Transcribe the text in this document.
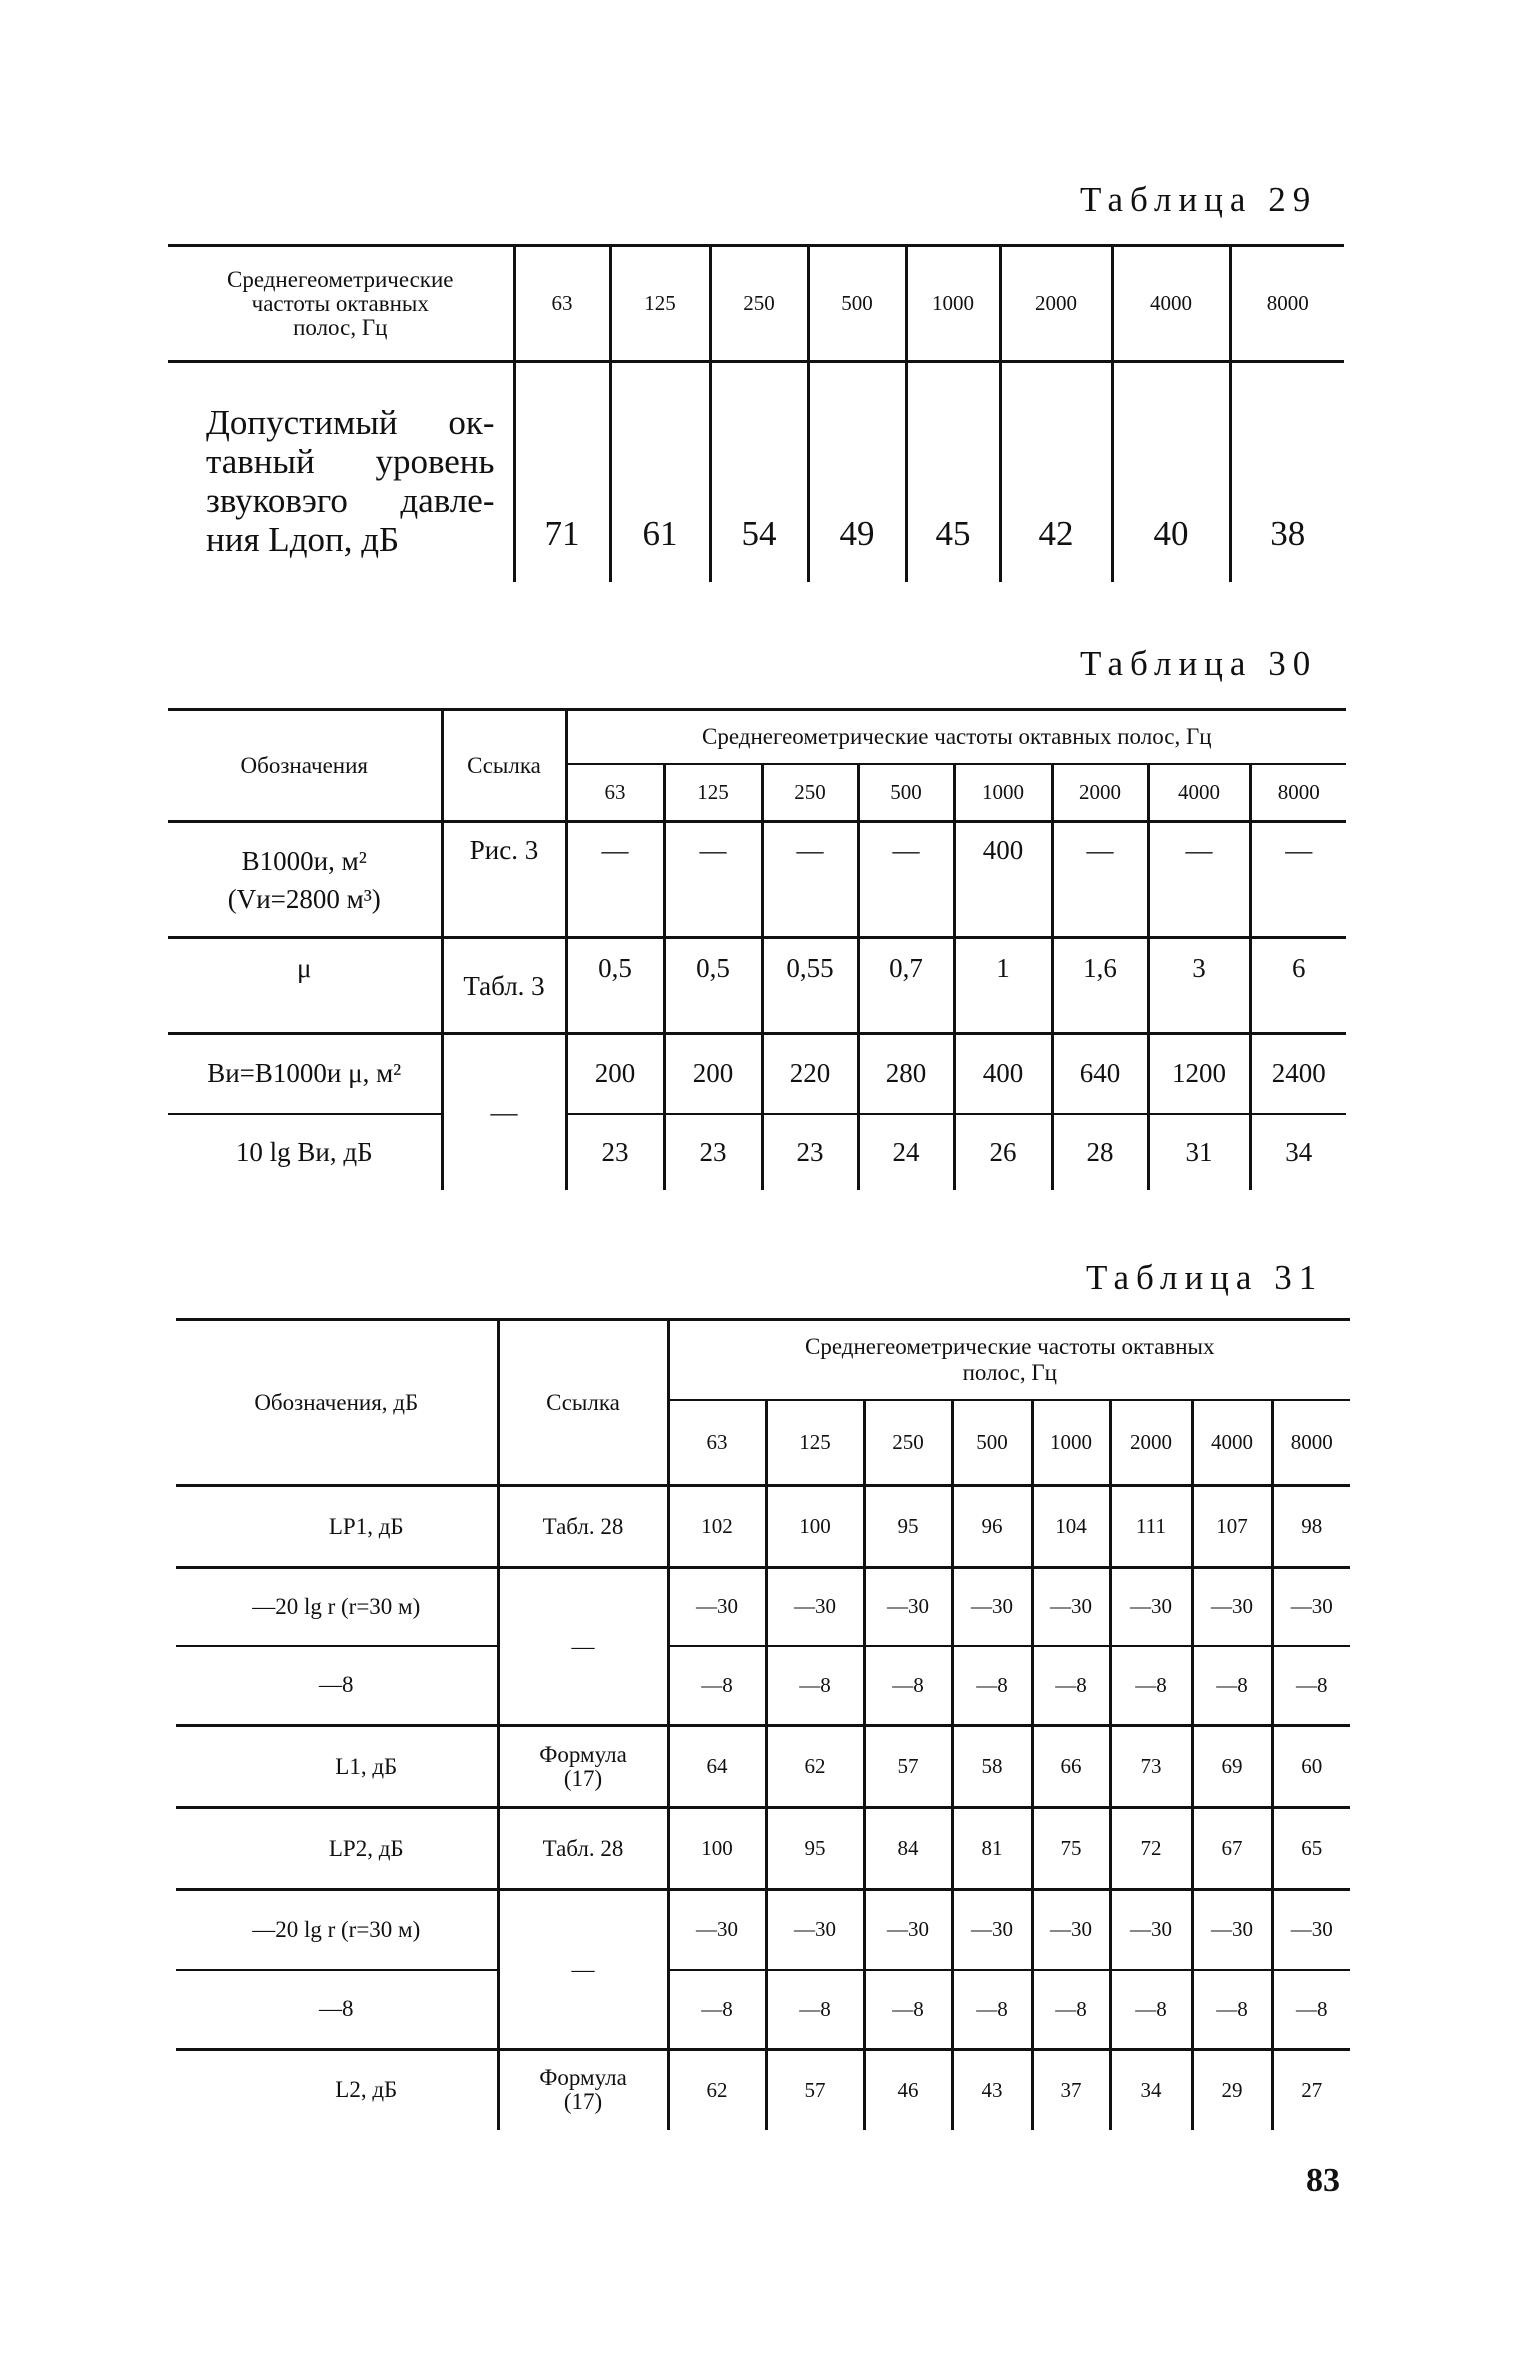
Таблица 29
Среднегеометрические
частоты октавных
полос, Гц	63	125	250	500	1000	2000	4000	8000

Допустимый ок-
тавный уровень
звуковэго давле-
ния Lдоп, дБ	71	61	54	49	45	42	40	38
Таблица 30
Обозначения	Ссылка	Среднегеометрические частоты октавных полос, Гц							
		63	125	250	500	1000	2000	4000	8000

B1000и, м²
(Vи=2800 м³)	Рис. 3	—	—	—	—	400	—	—	—
μ	Табл. 3	0,5	0,5	0,55	0,7	1	1,6	3	6
Bи=B1000и μ, м²	—	200	200	220	280	400	640	1200	2400
10 lg Bи, дБ		23	23	23	24	26	28	31	34
Таблица 31
Обозначения, дБ	Ссылка	Среднегеометрические частоты октавных
полос, Гц							

		63	125	250	500	1000	2000	4000	8000
LP1, дБ	Табл. 28	102	100	95	96	104	111	107	98
—20 lg r (r=30 м)	—	—30	—30	—30	—30	—30	—30	—30	—30
—8		—8	—8	—8	—8	—8	—8	—8	—8
L1, дБ	Формула (17)	64	62	57	58	66	73	69	60
LP2, дБ	Табл. 28	100	95	84	81	75	72	67	65
—20 lg r (r=30 м)	—	—30	—30	—30	—30	—30	—30	—30	—30
—8		—8	—8	—8	—8	—8	—8	—8	—8
L2, дБ	Формула (17)	62	57	46	43	37	34	29	27
83
